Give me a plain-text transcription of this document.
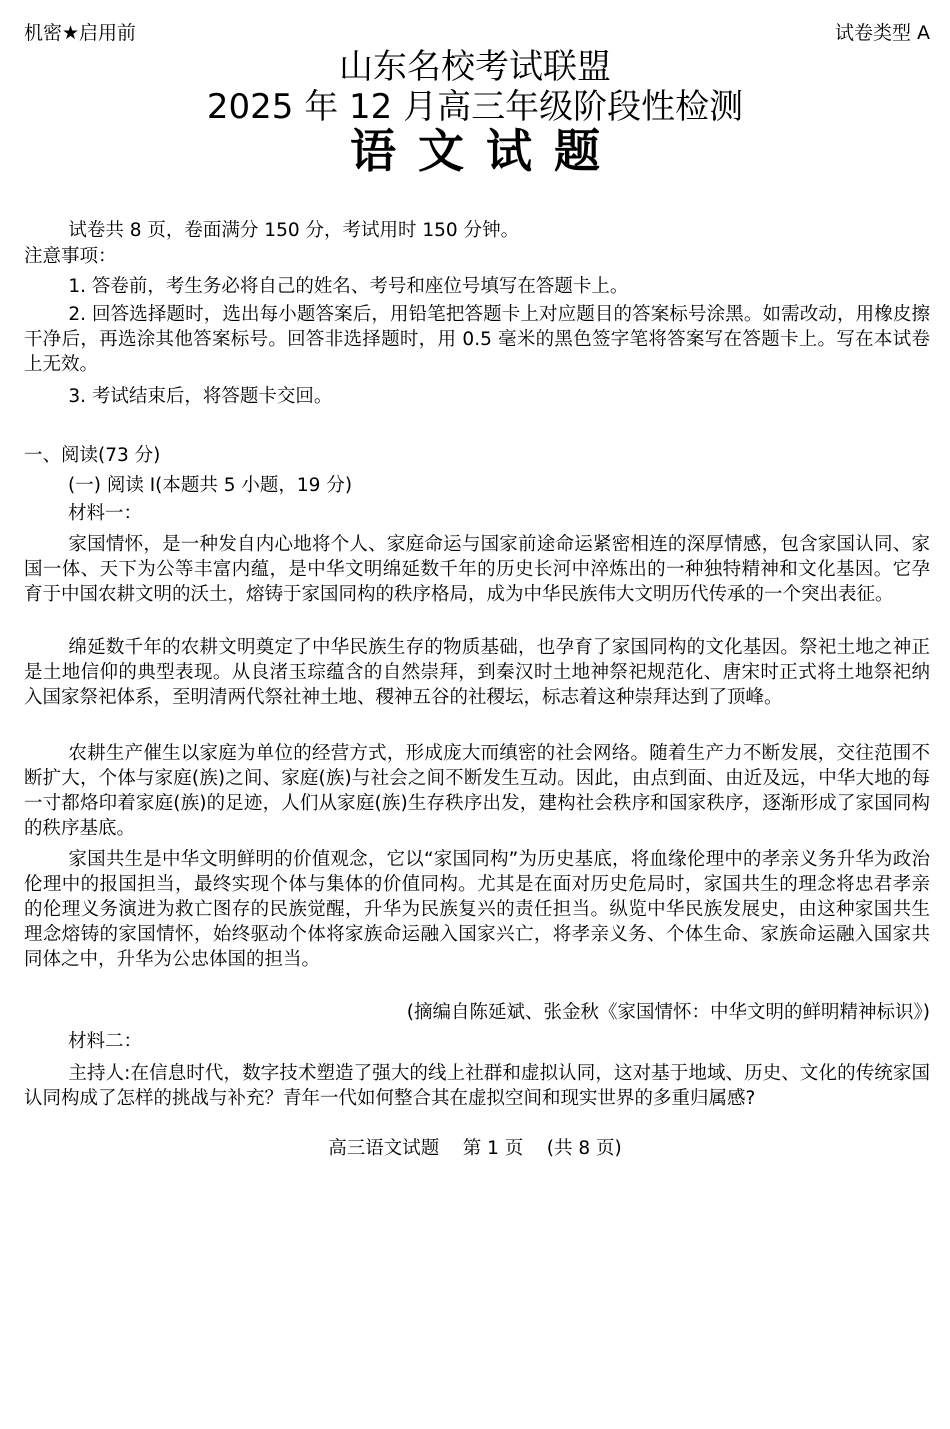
机密★启用前	试卷类型 A
山东名校考试联盟
2025 年 12 月高三年级阶段性检测
语文试题
试卷共 8 页，卷面满分 150 分，考试用时 150 分钟。
注意事项：
1. 答卷前，考生务必将自己的姓名、考号和座位号填写在答题卡上。
2. 回答选择题时，选出每小题答案后，用铅笔把答题卡上对应题目的答案标号涂黑。如需改动，用橡皮擦干净后，再选涂其他答案标号。回答非选择题时，用 0.5 毫米的黑色签字笔将答案写在答题卡上。写在本试卷上无效。
3. 考试结束后，将答题卡交回。
一、阅读(73 分)
(一) 阅读 Ⅰ(本题共 5 小题，19 分)
材料一：
家国情怀，是一种发自内心地将个人、家庭命运与国家前途命运紧密相连的深厚情感，包含家国认同、家国一体、天下为公等丰富内蕴，是中华文明绵延数千年的历史长河中淬炼出的一种独特精神和文化基因。它孕育于中国农耕文明的沃土，熔铸于家国同构的秩序格局，成为中华民族伟大文明历代传承的一个突出表征。
绵延数千年的农耕文明奠定了中华民族生存的物质基础，也孕育了家国同构的文化基因。祭祀土地之神正是土地信仰的典型表现。从良渚玉琮蕴含的自然崇拜，到秦汉时土地神祭祀规范化、唐宋时正式将土地祭祀纳入国家祭祀体系，至明清两代祭社神土地、稷神五谷的社稷坛，标志着这种崇拜达到了顶峰。
农耕生产催生以家庭为单位的经营方式，形成庞大而缜密的社会网络。随着生产力不断发展，交往范围不断扩大，个体与家庭(族)之间、家庭(族)与社会之间不断发生互动。因此，由点到面、由近及远，中华大地的每一寸都烙印着家庭(族)的足迹，人们从家庭(族)生存秩序出发，建构社会秩序和国家秩序，逐渐形成了家国同构的秩序基底。
家国共生是中华文明鲜明的价值观念，它以“家国同构”为历史基底，将血缘伦理中的孝亲义务升华为政治伦理中的报国担当，最终实现个体与集体的价值同构。尤其是在面对历史危局时，家国共生的理念将忠君孝亲的伦理义务演进为救亡图存的民族觉醒，升华为民族复兴的责任担当。纵览中华民族发展史，由这种家国共生理念熔铸的家国情怀，始终驱动个体将家族命运融入国家兴亡，将孝亲义务、个体生命、家族命运融入国家共同体之中，升华为公忠体国的担当。
(摘编自陈延斌、张金秋《家国情怀：中华文明的鲜明精神标识》)
材料二：
主持人:在信息时代，数字技术塑造了强大的线上社群和虚拟认同，这对基于地域、历史、文化的传统家国认同构成了怎样的挑战与补充？青年一代如何整合其在虚拟空间和现实世界的多重归属感?
高三语文试题    第 1 页    (共 8 页)
